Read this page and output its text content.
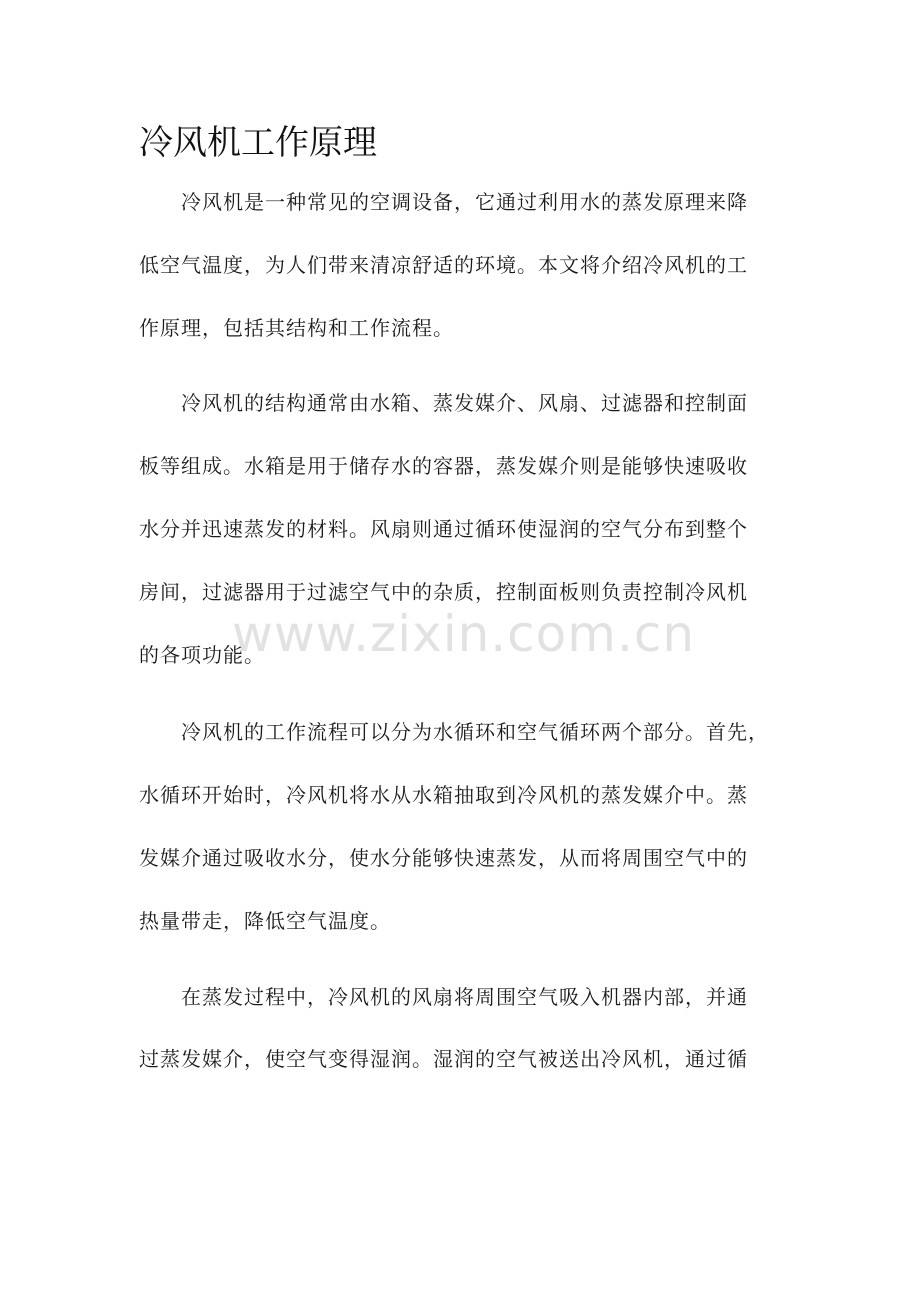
冷风机工作原理

冷风机是一种常见的空调设备，它通过利用水的蒸发原理来降

低空气温度，为人们带来清凉舒适的环境。本文将介绍冷风机的工

作原理，包括其结构和工作流程。

冷风机的结构通常由水箱、蒸发媒介、风扇、过滤器和控制面

板等组成。水箱是用于储存水的容器，蒸发媒介则是能够快速吸收

水分并迅速蒸发的材料。风扇则通过循环使湿润的空气分布到整个

房间，过滤器用于过滤空气中的杂质，控制面板则负责控制冷风机

的各项功能。

冷风机的工作流程可以分为水循环和空气循环两个部分。首先，

水循环开始时，冷风机将水从水箱抽取到冷风机的蒸发媒介中。蒸

发媒介通过吸收水分，使水分能够快速蒸发，从而将周围空气中的

热量带走，降低空气温度。

在蒸发过程中，冷风机的风扇将周围空气吸入机器内部，并通

过蒸发媒介，使空气变得湿润。湿润的空气被送出冷风机，通过循

www.zixin.com.cn
